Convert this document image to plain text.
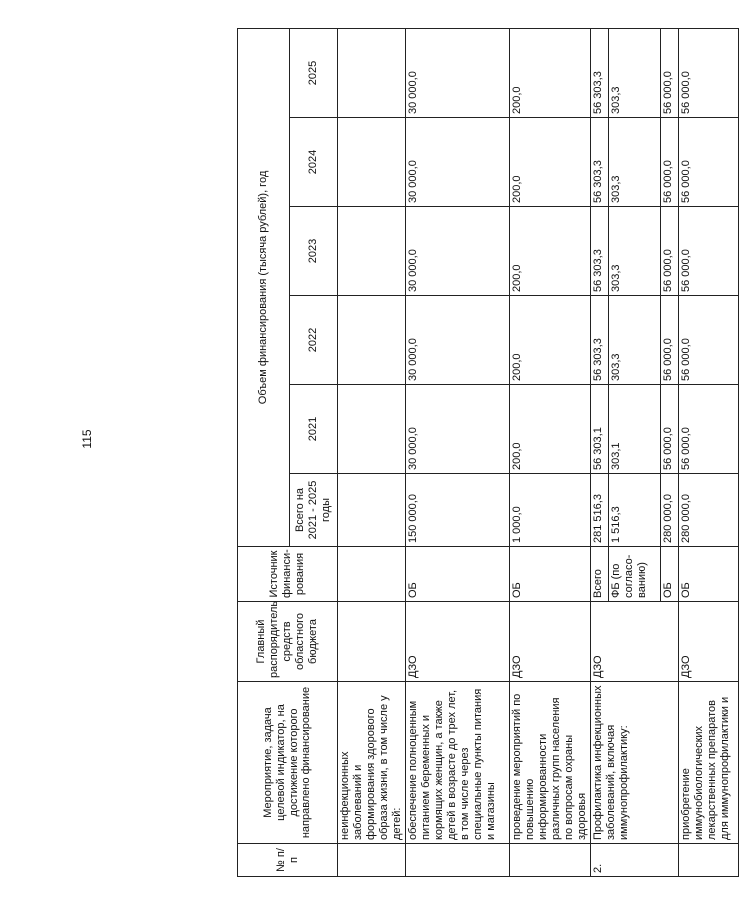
115
№ п/п	Мероприятие, задача целевой индикатор, на достижение которого направлено финансирование	Главный распорядитель средств областного бюджета	Источник финанси-рования	Объем финансирования (тысяча рублей), год					
				Всего на 2021 - 2025 годы	2021	2022	2023	2024	2025
	неинфекционных заболеваний и формирования здорового образа жизни, в том числе у детей:								
	обеспечение полноценным питанием беременных и кормящих женщин, а также детей в возрасте до трех лет, в том числе через специальные пункты питания и магазины	ДЗО	ОБ	150 000,0	30 000,0	30 000,0	30 000,0	30 000,0	30 000,0
	проведение мероприятий по повышению информированности различных групп населения по вопросам охраны здоровья	ДЗО	ОБ	1 000,0	200,0	200,0	200,0	200,0	200,0
2.	Профилактика инфекционных заболеваний, включая иммунопрофилактику:	ДЗО	Всего	281 516,3	56 303,1	56 303,3	56 303,3	56 303,3	56 303,3
			ФБ (по согласо-ванию)	1 516,3	303,1	303,3	303,3	303,3	303,3
			ОБ	280 000,0	56 000,0	56 000,0	56 000,0	56 000,0	56 000,0
	приобретение иммунобиологических лекарственных препаратов для иммунопрофилактики и	ДЗО	ОБ	280 000,0	56 000,0	56 000,0	56 000,0	56 000,0	56 000,0
